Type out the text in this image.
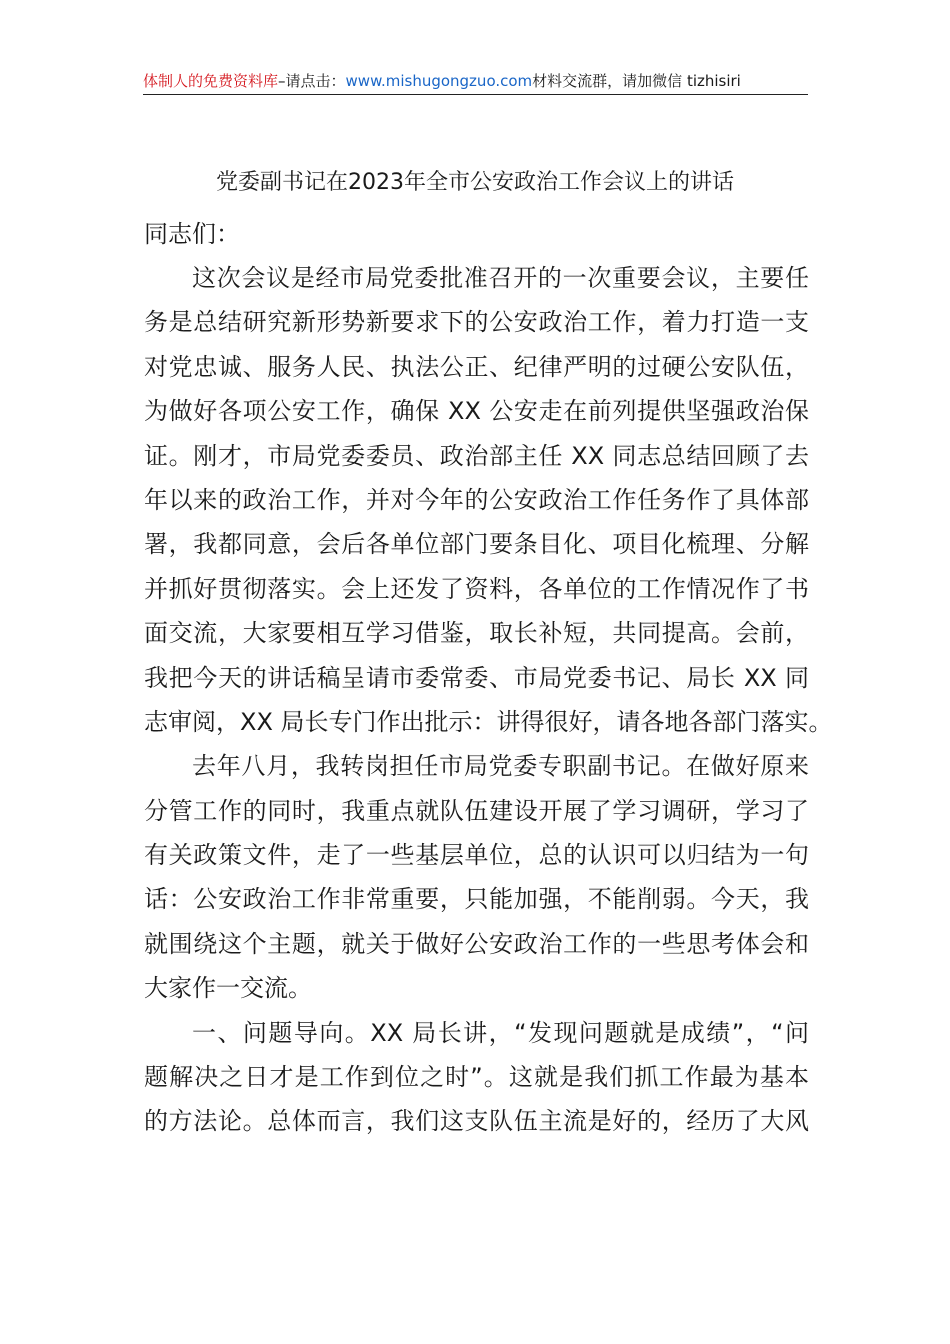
体制人的免费资料库–请点击：www.mishugongzuo.com材料交流群，请加微信 tizhisiri
党委副书记在2023年全市公安政治工作会议上的讲话

同志们：

这次会议是经市局党委批准召开的一次重要会议，主要任
务是总结研究新形势新要求下的公安政治工作，着力打造一支
对党忠诚、服务人民、执法公正、纪律严明的过硬公安队伍，
为做好各项公安工作，确保 XX 公安走在前列提供坚强政治保
证。刚才，市局党委委员、政治部主任 XX 同志总结回顾了去
年以来的政治工作，并对今年的公安政治工作任务作了具体部
署，我都同意，会后各单位部门要条目化、项目化梳理、分解
并抓好贯彻落实。会上还发了资料，各单位的工作情况作了书
面交流，大家要相互学习借鉴，取长补短，共同提高。会前，
我把今天的讲话稿呈请市委常委、市局党委书记、局长 XX 同
志审阅，XX 局长专门作出批示：讲得很好，请各地各部门落实。
去年八月，我转岗担任市局党委专职副书记。在做好原来
分管工作的同时，我重点就队伍建设开展了学习调研，学习了
有关政策文件，走了一些基层单位，总的认识可以归结为一句
话：公安政治工作非常重要，只能加强，不能削弱。今天，我
就围绕这个主题，就关于做好公安政治工作的一些思考体会和
大家作一交流。
一、问题导向。XX 局长讲，“发现问题就是成绩”，“问
题解决之日才是工作到位之时”。这就是我们抓工作最为基本
的方法论。总体而言，我们这支队伍主流是好的，经历了大风
